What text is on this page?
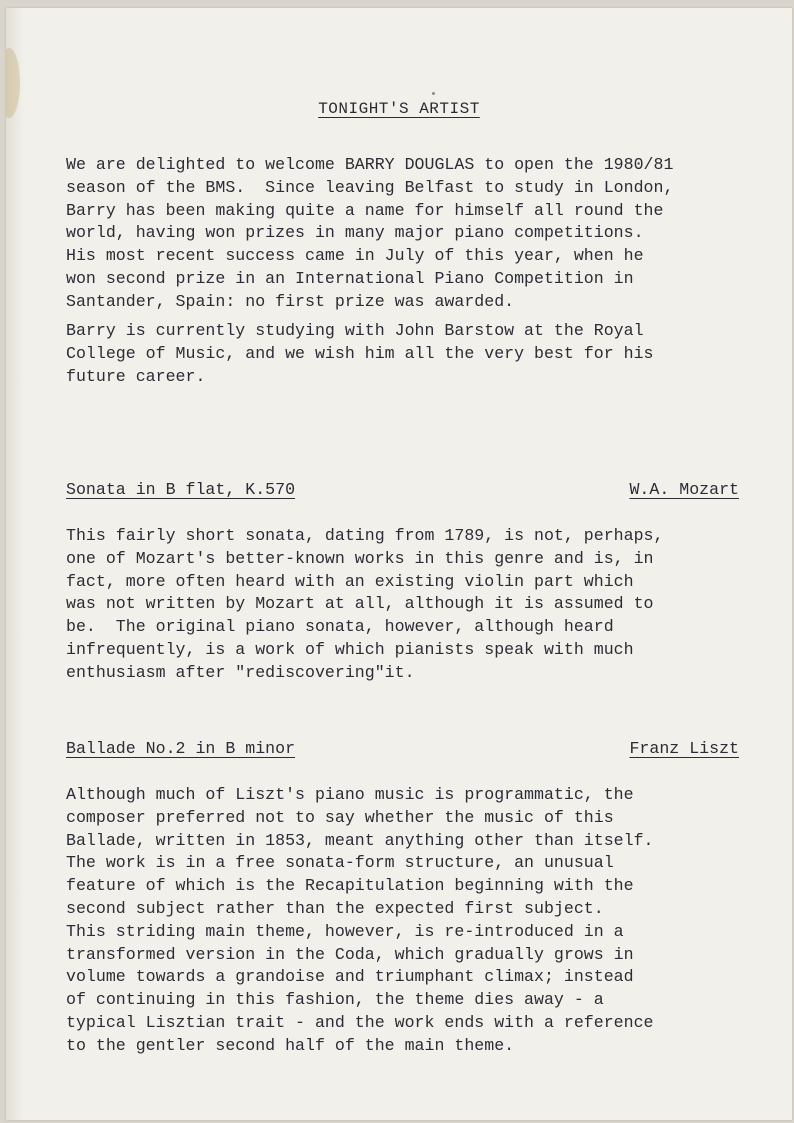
TONIGHT'S ARTIST

We are delighted to welcome BARRY DOUGLAS to open the 1980/81
season of the BMS.  Since leaving Belfast to study in London,
Barry has been making quite a name for himself all round the
world, having won prizes in many major piano competitions.
His most recent success came in July of this year, when he
won second prize in an International Piano Competition in
Santander, Spain: no first prize was awarded.

Barry is currently studying with John Barstow at the Royal
College of Music, and we wish him all the very best for his
future career.

Sonata in B flat, K.570	W.A. Mozart

This fairly short sonata, dating from 1789, is not, perhaps,
one of Mozart's better-known works in this genre and is, in
fact, more often heard with an existing violin part which
was not written by Mozart at all, although it is assumed to
be.  The original piano sonata, however, although heard
infrequently, is a work of which pianists speak with much
enthusiasm after "rediscovering"it.

Ballade No.2 in B minor	Franz Liszt

Although much of Liszt's piano music is programmatic, the
composer preferred not to say whether the music of this
Ballade, written in 1853, meant anything other than itself.
The work is in a free sonata-form structure, an unusual
feature of which is the Recapitulation beginning with the
second subject rather than the expected first subject.
This striding main theme, however, is re-introduced in a
transformed version in the Coda, which gradually grows in
volume towards a grandoise and triumphant climax; instead
of continuing in this fashion, the theme dies away - a
typical Lisztian trait - and the work ends with a reference
to the gentler second half of the main theme.
